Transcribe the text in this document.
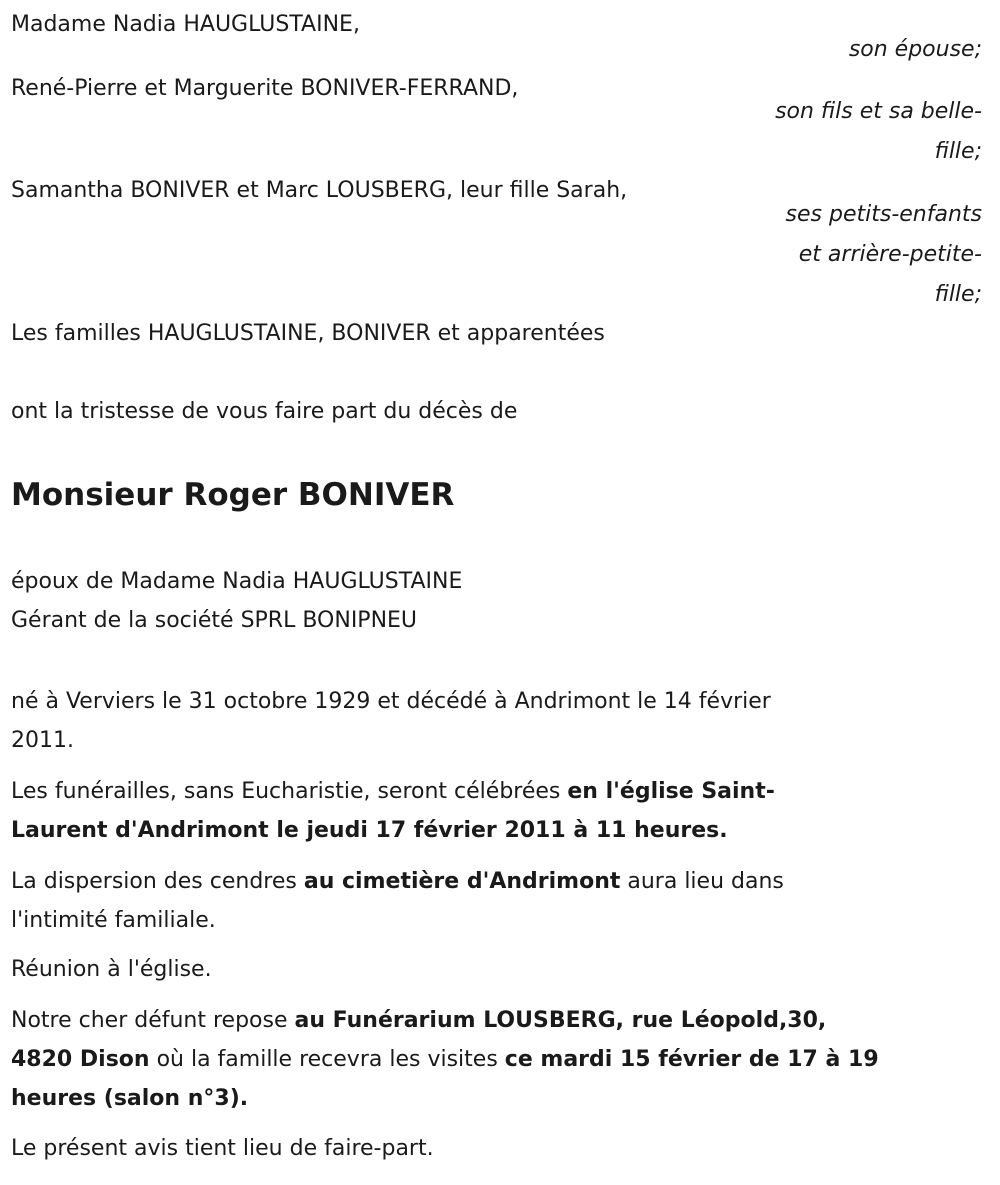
Madame Nadia HAUGLUSTAINE,
son épouse;
René-Pierre et Marguerite BONIVER-FERRAND,
son fils et sa belle-
fille;
Samantha BONIVER et Marc LOUSBERG, leur fille Sarah,
ses petits-enfants
et arrière-petite-
fille;
Les familles HAUGLUSTAINE, BONIVER et apparentées
ont la tristesse de vous faire part du décès de
Monsieur Roger BONIVER
époux de Madame Nadia HAUGLUSTAINE
Gérant de la société SPRL BONIPNEU
né à Verviers le 31 octobre 1929 et décédé à Andrimont le 14 février
2011.
Les funérailles, sans Eucharistie, seront célébrées en l'église Saint-
Laurent d'Andrimont le jeudi 17 février 2011 à 11 heures.
La dispersion des cendres au cimetière d'Andrimont aura lieu dans
l'intimité familiale.
Réunion à l'église.
Notre cher défunt repose au Funérarium LOUSBERG, rue Léopold,30,
4820 Dison où la famille recevra les visites ce mardi 15 février de 17 à 19
heures (salon n°3).
Le présent avis tient lieu de faire-part.
